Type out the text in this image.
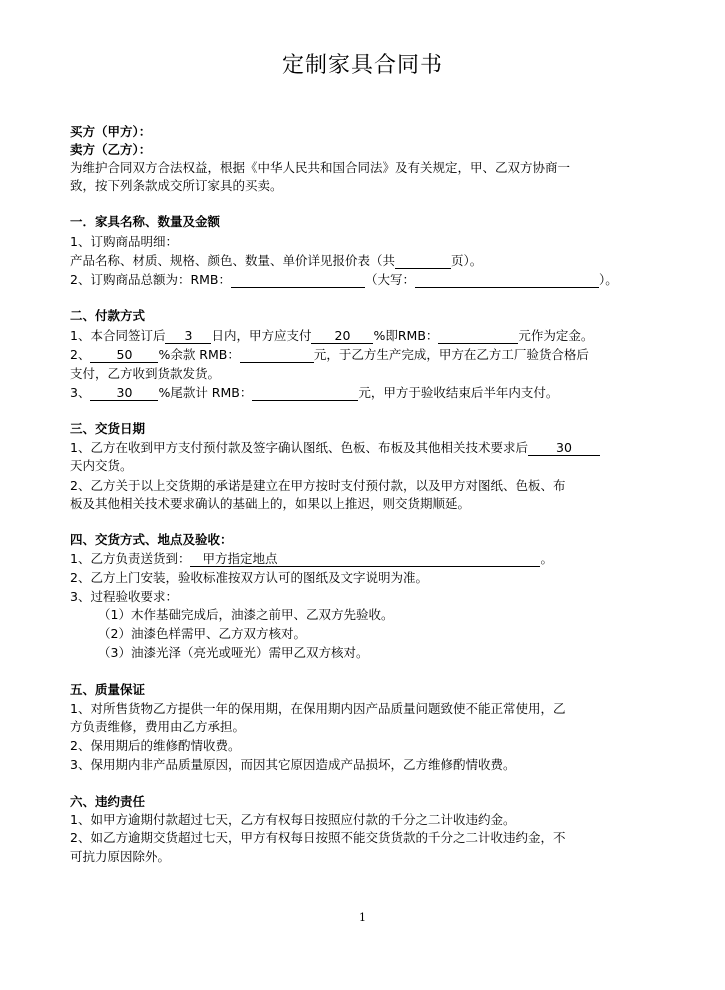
定制家具合同书
买方（甲方）：
卖方（乙方）：
为维护合同双方合法权益，根据《中华人民共和国合同法》及有关规定，甲、乙双方协商一
致，按下列条款成交所订家具的买卖。
一．家具名称、数量及金额
1、订购商品明细：
产品名称、材质、规格、颜色、数量、单价详见报价表（共	页）。
2、订购商品总额为：RMB：	（大写：	）。
二、付款方式
1、本合同签订后 3 日内，甲方应支付 20 %即RMB：	元作为定金。
2、 50 %余款 RMB：	元，于乙方生产完成，甲方在乙方工厂验货合格后
支付，乙方收到货款发货。
3、 30 %尾款计 RMB：	元，甲方于验收结束后半年内支付。
三、交货日期
1、乙方在收到甲方支付预付款及签字确认图纸、色板、布板及其他相关技术要求后 30
天内交货。
2、乙方关于以上交货期的承诺是建立在甲方按时支付预付款，以及甲方对图纸、色板、布
板及其他相关技术要求确认的基础上的，如果以上推迟，则交货期顺延。
四、交货方式、地点及验收：
1、乙方负责送货到： 甲方指定地点	。
2、乙方上门安装，验收标准按双方认可的图纸及文字说明为准。
3、过程验收要求：
（1）木作基础完成后，油漆之前甲、乙双方先验收。
（2）油漆色样需甲、乙方双方核对。
（3）油漆光泽（亮光或哑光）需甲乙双方核对。
五、质量保证
1、对所售货物乙方提供一年的保用期，在保用期内因产品质量问题致使不能正常使用，乙
方负责维修，费用由乙方承担。
2、保用期后的维修酌情收费。
3、保用期内非产品质量原因，而因其它原因造成产品损坏，乙方维修酌情收费。
六、违约责任
1、如甲方逾期付款超过七天，乙方有权每日按照应付款的千分之二计收违约金。
2、如乙方逾期交货超过七天，甲方有权每日按照不能交货货款的千分之二计收违约金，不
可抗力原因除外。
1
